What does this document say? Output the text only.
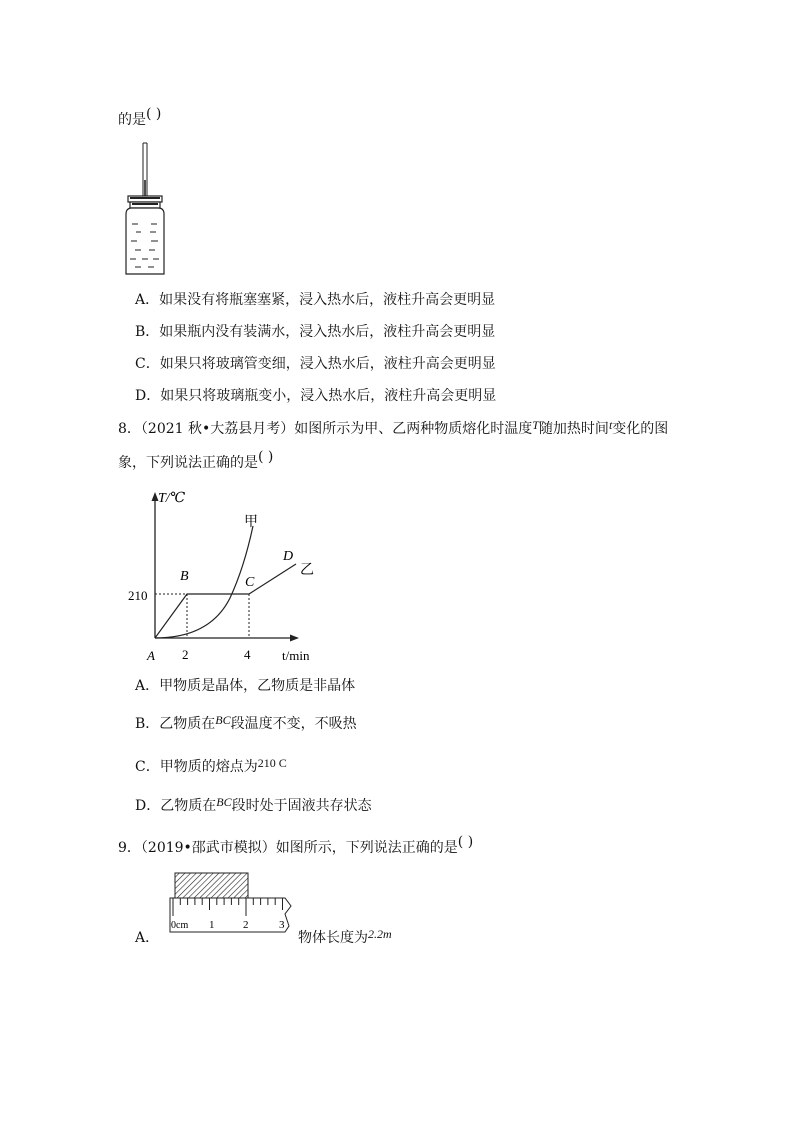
的是( )
A．如果没有将瓶塞塞紧，浸入热水后，液柱升高会更明显
B．如果瓶内没有装满水，浸入热水后，液柱升高会更明显
C．如果只将玻璃管变细，浸入热水后，液柱升高会更明显
D．如果只将玻璃瓶变小，浸入热水后，液柱升高会更明显
8．（2021 秋•大荔县月考）如图所示为甲、乙两种物质熔化时温度T随加热时间t变化的图
象，下列说法正确的是( )
T/℃
t/min
210
2	4
A
B	C
D
甲
乙
A．甲物质是晶体，乙物质是非晶体
B．乙物质在BC段温度不变，不吸热
C．甲物质的熔点为210 C
D．乙物质在BC段时处于固液共存状态
9．（2019•邵武市模拟）如图所示，下列说法正确的是( )
A．
0cm 1	2	3
物体长度为2.2m
